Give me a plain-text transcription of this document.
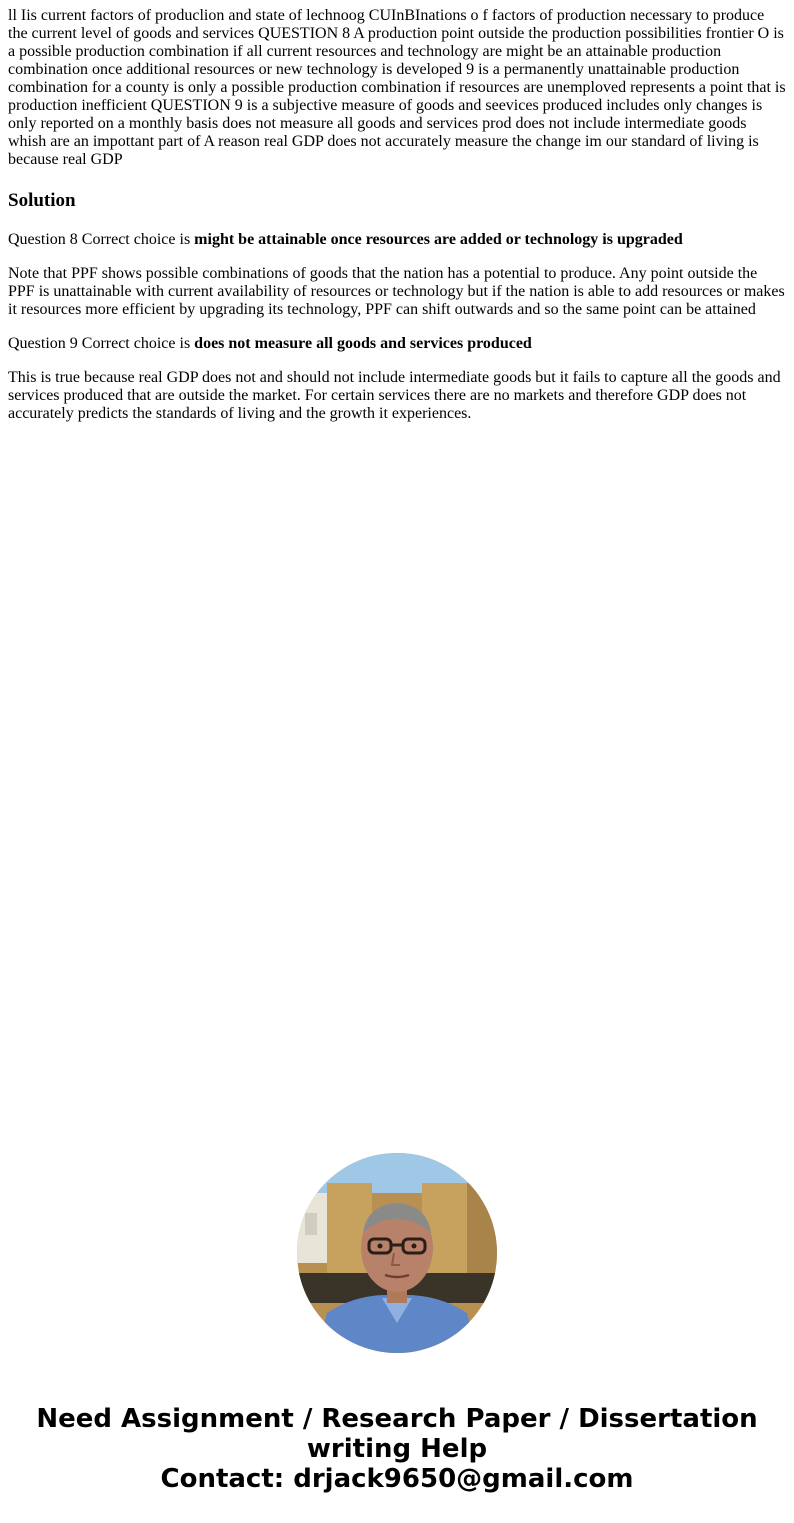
ll Iis current factors of produclion and state of lechnoog CUInBInations o f factors of production necessary to produce the current level of goods and services QUESTION 8 A production point outside the production possibilities frontier O is a possible production combination if all current resources and technology are might be an attainable production combination once additional resources or new technology is developed 9 is a permanently unattainable production combination for a county is only a possible production combination if resources are unemploved represents a point that is production inefficient QUESTION 9 is a subjective measure of goods and seevices produced includes only changes is only reported on a monthly basis does not measure all goods and services prod does not include intermediate goods whish are an impottant part of A reason real GDP does not accurately measure the change im our standard of living is because real GDP

Solution

Question 8 Correct choice is might be attainable once resources are added or technology is upgraded

Note that PPF shows possible combinations of goods that the nation has a potential to produce. Any point outside the PPF is unattainable with current availability of resources or technology but if the nation is able to add resources or makes it resources more efficient by upgrading its technology, PPF can shift outwards and so the same point can be attained

Question 9 Correct choice is does not measure all goods and services produced

This is true because real GDP does not and should not include intermediate goods but it fails to capture all the goods and services produced that are outside the market. For certain services there are no markets and therefore GDP does not accurately predicts the standards of living and the growth it experiences.

Need Assignment / Research Paper / Dissertation
writing Help
Contact: drjack9650@gmail.com
